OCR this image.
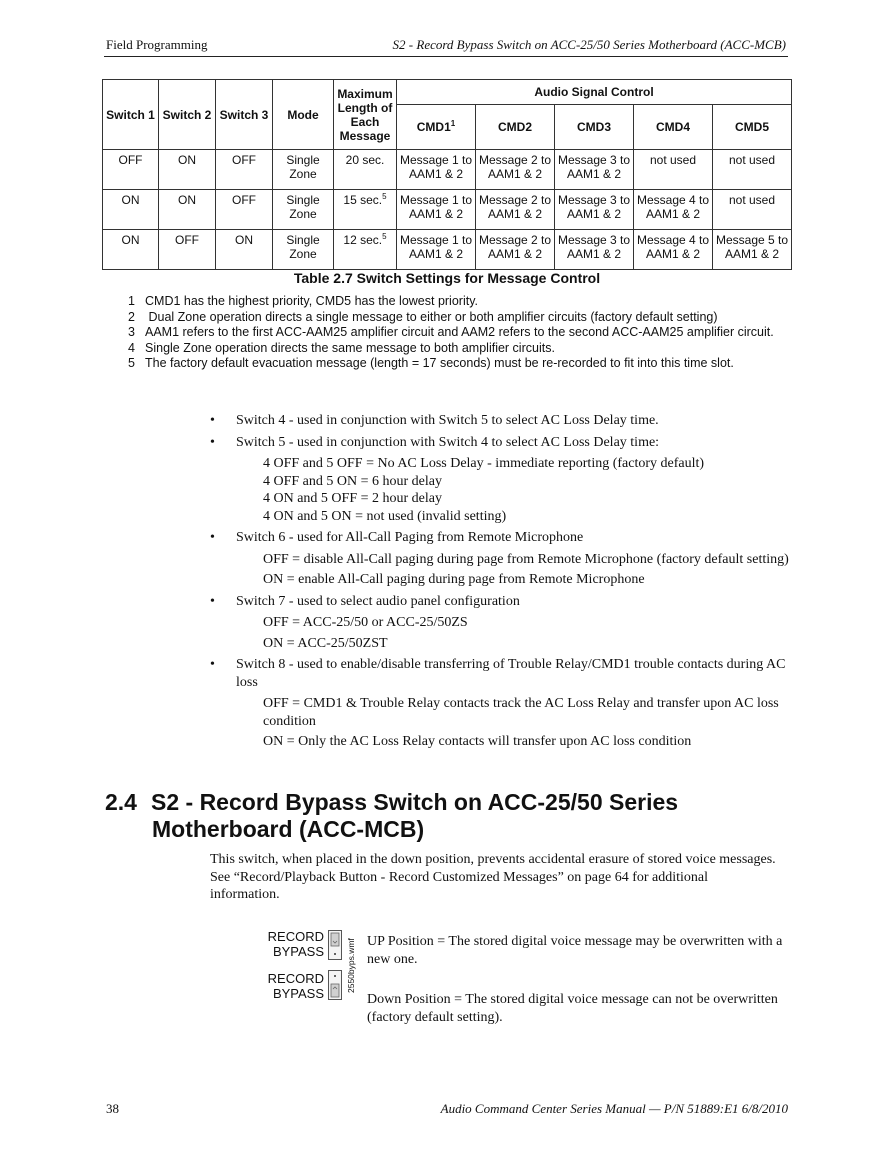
Field Programming	S2 - Record Bypass Switch on ACC-25/50 Series Motherboard (ACC-MCB)
Switch 1	Switch 2	Switch 3	Mode	Maximum Length of Each Message	Audio Signal Control				
					$CMD1^1$	CMD2	CMD3	CMD4	CMD5
OFF	ON	OFF	Single Zone	20 sec.	Message 1 to AAM1 & 2	Message 2 to AAM1 & 2	Message 3 to AAM1 & 2	not used	not used
ON	ON	OFF	Single Zone	15 sec.$^5$	Message 1 to AAM1 & 2	Message 2 to AAM1 & 2	Message 3 to AAM1 & 2	Message 4 to AAM1 & 2	not used
ON	OFF	ON	Single Zone	12 sec.$^5$	Message 1 to AAM1 & 2	Message 2 to AAM1 & 2	Message 3 to AAM1 & 2	Message 4 to AAM1 & 2	Message 5 to AAM1 & 2
Table 2.7 Switch Settings for Message Control
1 CMD1 has the highest priority, CMD5 has the lowest priority.
2 Dual Zone operation directs a single message to either or both amplifier circuits (factory default setting)
3 AAM1 refers to the first ACC-AAM25 amplifier circuit and AAM2 refers to the second ACC-AAM25 amplifier circuit.
4 Single Zone operation directs the same message to both amplifier circuits.
5 The factory default evacuation message (length = 17 seconds) must be re-recorded to fit into this time slot.
•	Switch 4 - used in conjunction with Switch 5 to select AC Loss Delay time.
•	Switch 5 - used in conjunction with Switch 4 to select AC Loss Delay time:
4 OFF and 5 OFF = No AC Loss Delay - immediate reporting (factory default)
4 OFF and 5 ON = 6 hour delay
4 ON and 5 OFF = 2 hour delay
4 ON and 5 ON = not used (invalid setting)
•	Switch 6 - used for All-Call Paging from Remote Microphone
OFF = disable All-Call paging during page from Remote Microphone (factory default setting)
ON = enable All-Call paging during page from Remote Microphone
•	Switch 7 - used to select audio panel configuration
OFF = ACC-25/50 or ACC-25/50ZS
ON = ACC-25/50ZST
•	Switch 8 - used to enable/disable transferring of Trouble Relay/CMD1 trouble contacts during AC loss
OFF = CMD1 & Trouble Relay contacts track the AC Loss Relay and transfer upon AC loss condition
ON = Only the AC Loss Relay contacts will transfer upon AC loss condition
2.4 S2 - Record Bypass Switch on ACC-25/50 Series
Motherboard (ACC-MCB)
This switch, when placed in the down position, prevents accidental erasure of stored voice messages. See “Record/Playback Button - Record Customized Messages” on page 64 for additional information.
RECORD BYPASS
RECORD BYPASS
2550byps.wmf UP Position = The stored digital voice message may be overwritten with a new one.
Down Position = The stored digital voice message can not be overwritten (factory default setting).
38	Audio Command Center Series Manual — P/N 51889:E1 6/8/2010
